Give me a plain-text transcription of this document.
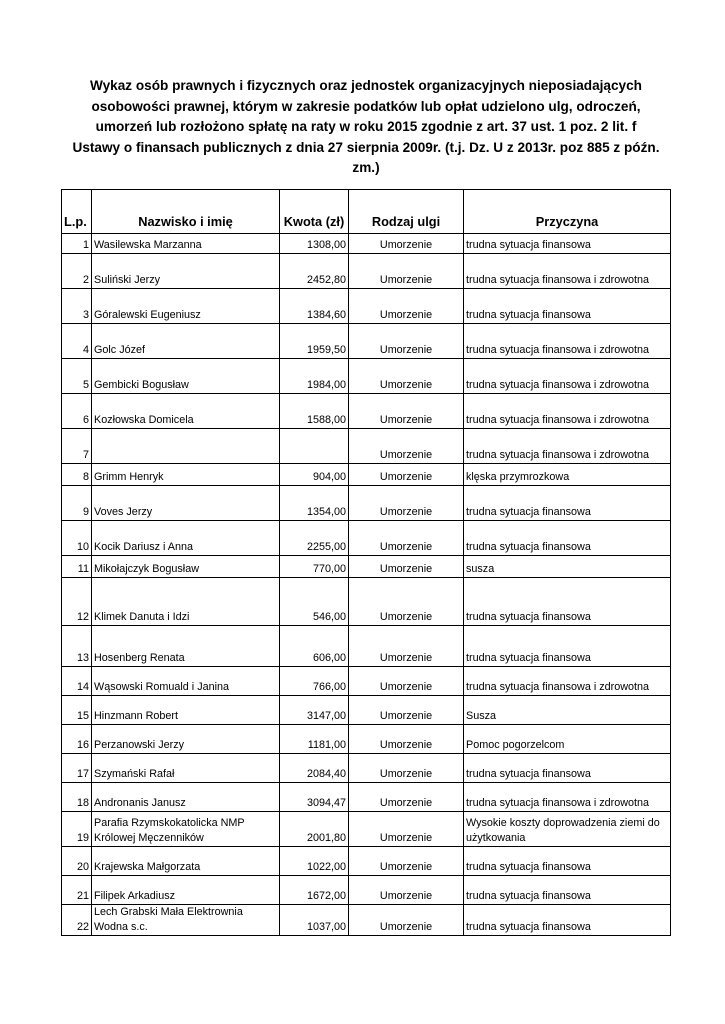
Wykaz osób prawnych i fizycznych oraz jednostek organizacyjnych nieposiadających osobowości prawnej, którym w zakresie podatków lub opłat udzielono ulg, odroczeń, umorzeń lub rozłożono spłatę na raty w roku 2015 zgodnie z art. 37 ust. 1 poz. 2 lit. f Ustawy o finansach publicznych z dnia 27 sierpnia 2009r. (t.j. Dz. U z 2013r. poz 885 z późn. zm.)

L.p.	Nazwisko i imię	Kwota (zł)	Rodzaj ulgi	Przyczyna
1	Wasilewska Marzanna	1308,00	Umorzenie	trudna sytuacja finansowa
2	Suliński Jerzy	2452,80	Umorzenie	trudna sytuacja finansowa i zdrowotna
3	Góralewski Eugeniusz	1384,60	Umorzenie	trudna sytuacja finansowa
4	Golc Józef	1959,50	Umorzenie	trudna sytuacja finansowa i zdrowotna
5	Gembicki Bogusław	1984,00	Umorzenie	trudna sytuacja finansowa i zdrowotna
6	Kozłowska Domicela	1588,00	Umorzenie	trudna sytuacja finansowa i zdrowotna
7			Umorzenie	trudna sytuacja finansowa i zdrowotna
8	Grimm Henryk	904,00	Umorzenie	klęska przymrozkowa
9	Voves Jerzy	1354,00	Umorzenie	trudna sytuacja finansowa
10	Kocik Dariusz i Anna	2255,00	Umorzenie	trudna sytuacja finansowa
11	Mikołajczyk Bogusław	770,00	Umorzenie	susza
12	Klimek Danuta i Idzi	546,00	Umorzenie	trudna sytuacja finansowa
13	Hosenberg Renata	606,00	Umorzenie	trudna sytuacja finansowa
14	Wąsowski Romuald i Janina	766,00	Umorzenie	trudna sytuacja finansowa i zdrowotna
15	Hinzmann Robert	3147,00	Umorzenie	Susza
16	Perzanowski Jerzy	1181,00	Umorzenie	Pomoc pogorzelcom
17	Szymański Rafał	2084,40	Umorzenie	trudna sytuacja finansowa
18	Andronanis Janusz	3094,47	Umorzenie	trudna sytuacja finansowa i zdrowotna
19	Parafia Rzymskokatolicka NMP Królowej Męczenników	2001,80	Umorzenie	Wysokie koszty doprowadzenia ziemi do użytkowania
20	Krajewska Małgorzata	1022,00	Umorzenie	trudna sytuacja finansowa
21	Filipek Arkadiusz	1672,00	Umorzenie	trudna sytuacja finansowa
22	Lech Grabski Mała Elektrownia Wodna s.c.	1037,00	Umorzenie	trudna sytuacja finansowa
